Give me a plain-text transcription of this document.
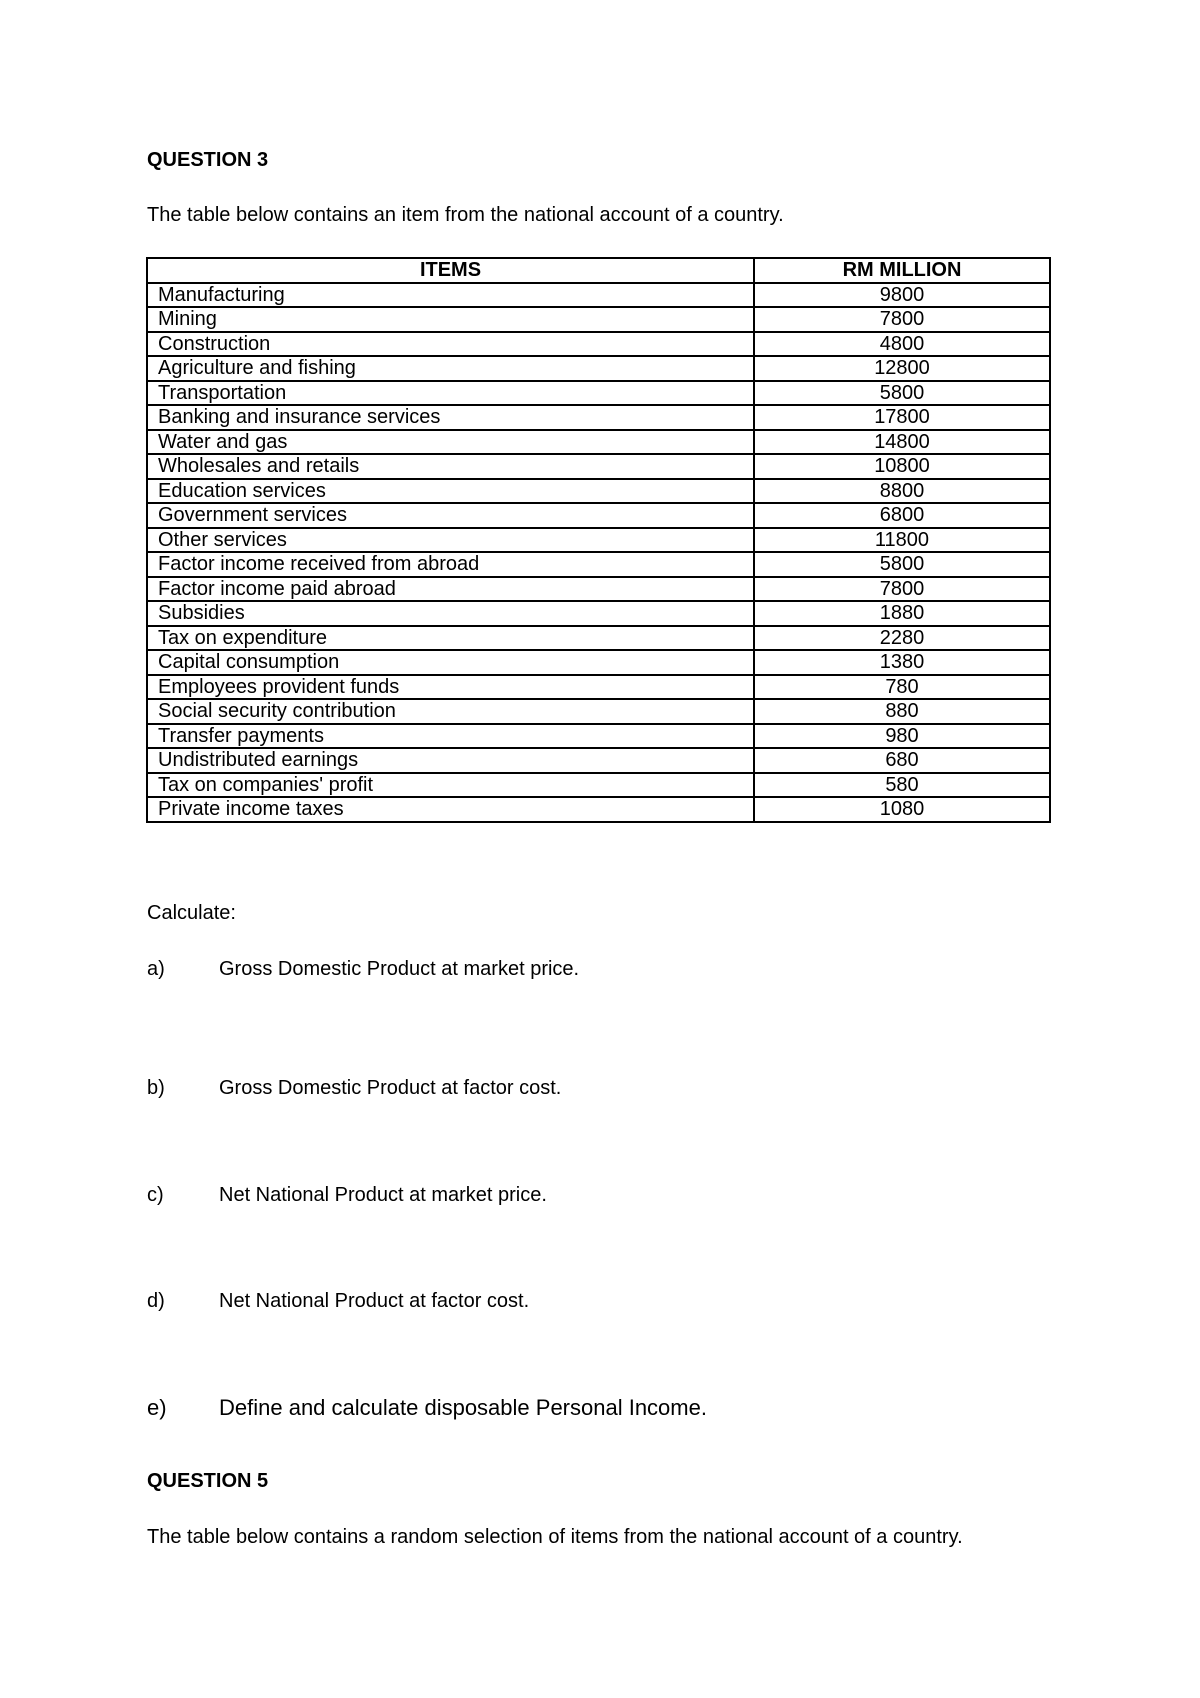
QUESTION 3
The table below contains an item from the national account of a country.
ITEMS	RM MILLION
Manufacturing	9800
Mining	7800
Construction	4800
Agriculture and fishing	12800
Transportation	5800
Banking and insurance services	17800
Water and gas	14800
Wholesales and retails	10800
Education services	8800
Government services	6800
Other services	11800
Factor income received from abroad	5800
Factor income paid abroad	7800
Subsidies	1880
Tax on expenditure	2280
Capital consumption	1380
Employees provident funds	780
Social security contribution	880
Transfer payments	980
Undistributed earnings	680
Tax on companies' profit	580
Private income taxes	1080
Calculate:
a)	Gross Domestic Product at market price.
b)	Gross Domestic Product at factor cost.
c)	Net National Product at market price.
d)	Net National Product at factor cost.
e) Define and calculate disposable Personal Income.
QUESTION 5
The table below contains a random selection of items from the national account of a country.
